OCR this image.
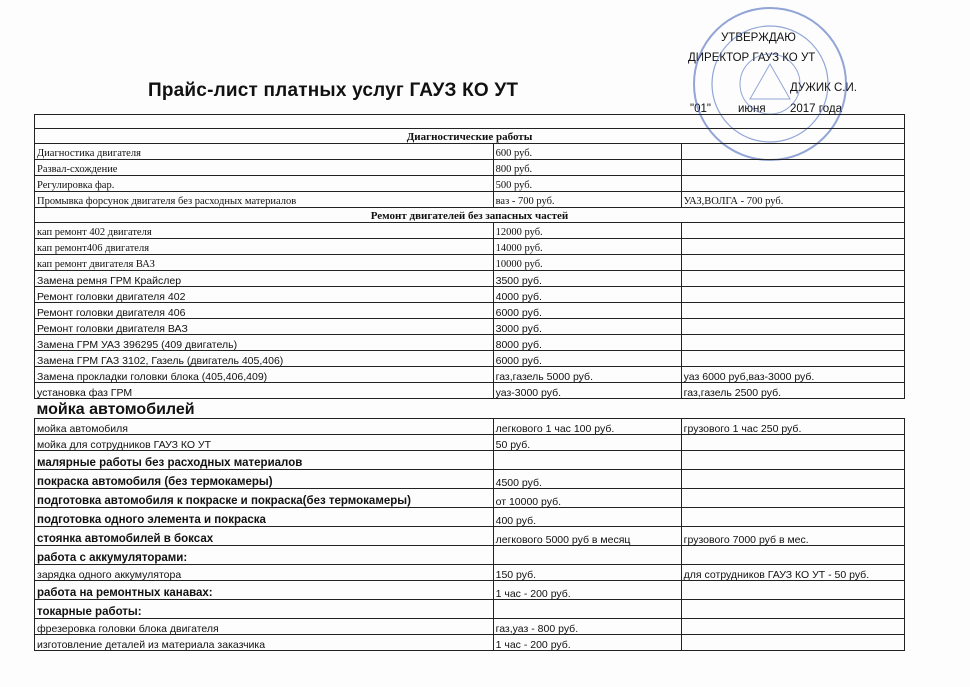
Прайс-лист платных услуг ГАУЗ КО УТ
УТВЕРЖДАЮ
ДИРЕКТОР ГАУЗ КО УТ
ДУЖИК С.И.
"01" июня 2017 года

Диагностические работы		
Диагностика двигателя	600 руб.	
Развал-схождение	800 руб.	
Регулировка фар.	500 руб.	
Промывка форсунок двигателя без расходных материалов	ваз - 700 руб.	УАЗ,ВОЛГА - 700 руб.
Ремонт двигателей без запасных частей		
кап ремонт 402 двигателя	12000 руб.	
кап ремонт406 двигателя	14000 руб.	
кап ремонт двигателя ВАЗ	10000 руб.	
Замена ремня ГРМ Крайслер	3500 руб.	
Ремонт головки двигателя 402	4000 руб.	
Ремонт головки двигателя 406	6000 руб.	
Ремонт головки двигателя ВАЗ	3000 руб.	
Замена ГРМ УАЗ 396295 (409 двигатель)	8000 руб.	
Замена ГРМ ГАЗ 3102, Газель (двигатель 405,406)	6000 руб.	
Замена прокладки головки блока (405,406,409)	газ,газель 5000 руб.	уаз 6000 руб,ваз-3000 руб.
установка фаз ГРМ	уаз-3000 руб.	газ,газель 2500 руб.
мойка автомобилей		
мойка автомобиля	легкового 1 час 100 руб.	грузового 1 час 250 руб.
мойка для сотрудников ГАУЗ КО УТ	50 руб.	
малярные работы без расходных материалов		
покраска автомобиля (без термокамеры)	4500 руб.	
подготовка автомобиля к покраске и покраска(без термокамеры)	от 10000 руб.	
подготовка одного элемента и покраска	400 руб.	
стоянка автомобилей в боксах	легкового 5000 руб в месяц	грузового 7000 руб в мес.
работа с аккумуляторами:		
зарядка одного аккумулятора	150 руб.	для сотрудников ГАУЗ КО УТ - 50 руб.
работа на ремонтных канавах:	1 час - 200 руб.	
токарные работы:		
фрезеровка головки блока двигателя	газ,уаз - 800 руб.	
изготовление деталей из материала заказчика	1 час - 200 руб.	
